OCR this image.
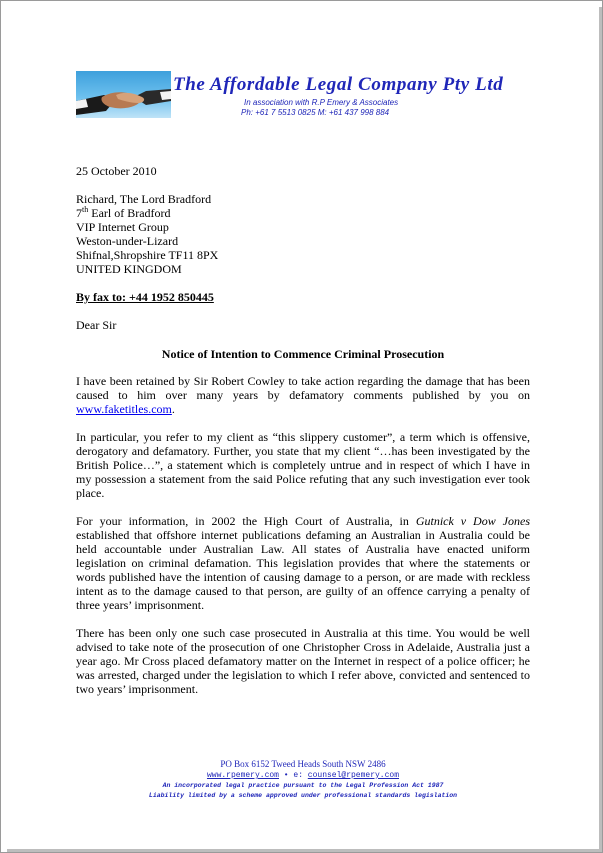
The Affordable Legal Company Pty Ltd
In association with R.P Emery & Associates
Ph: +61 7 5513 0825 M: +61 437 998 884
25 October 2010
Richard, The Lord Bradford
7th Earl of Bradford
VIP Internet Group
Weston-under-Lizard
Shifnal,Shropshire TF11 8PX
UNITED KINGDOM
By fax to: +44 1952 850445
Dear Sir
Notice of Intention to Commence Criminal Prosecution
I have been retained by Sir Robert Cowley to take action regarding the damage that has been
caused to him over many years by defamatory comments published by you on
www.faketitles.com.
In particular, you refer to my client as “this slippery customer”, a term which is offensive,
derogatory and defamatory. Further, you state that my client “…has been investigated by the
British Police…”, a statement which is completely untrue and in respect of which I have in
my possession a statement from the said Police refuting that any such investigation ever took
place.
For your information, in 2002 the High Court of Australia, in Gutnick v Dow Jones
established that offshore internet publications defaming an Australian in Australia could be
held accountable under Australian Law. All states of Australia have enacted uniform
legislation on criminal defamation. This legislation provides that where the statements or
words published have the intention of causing damage to a person, or are made with reckless
intent as to the damage caused to that person, are guilty of an offence carrying a penalty of
three years’ imprisonment.
There has been only one such case prosecuted in Australia at this time. You would be well
advised to take note of the prosecution of one Christopher Cross in Adelaide, Australia just a
year ago. Mr Cross placed defamatory matter on the Internet in respect of a police officer; he
was arrested, charged under the legislation to which I refer above, convicted and sentenced to
two years’ imprisonment.
PO Box 6152 Tweed Heads South NSW 2486
www.rpemery.com • e: counsel@rpemery.com
An incorporated legal practice pursuant to the Legal Profession Act 1987
Liability limited by a scheme approved under professional standards legislation
